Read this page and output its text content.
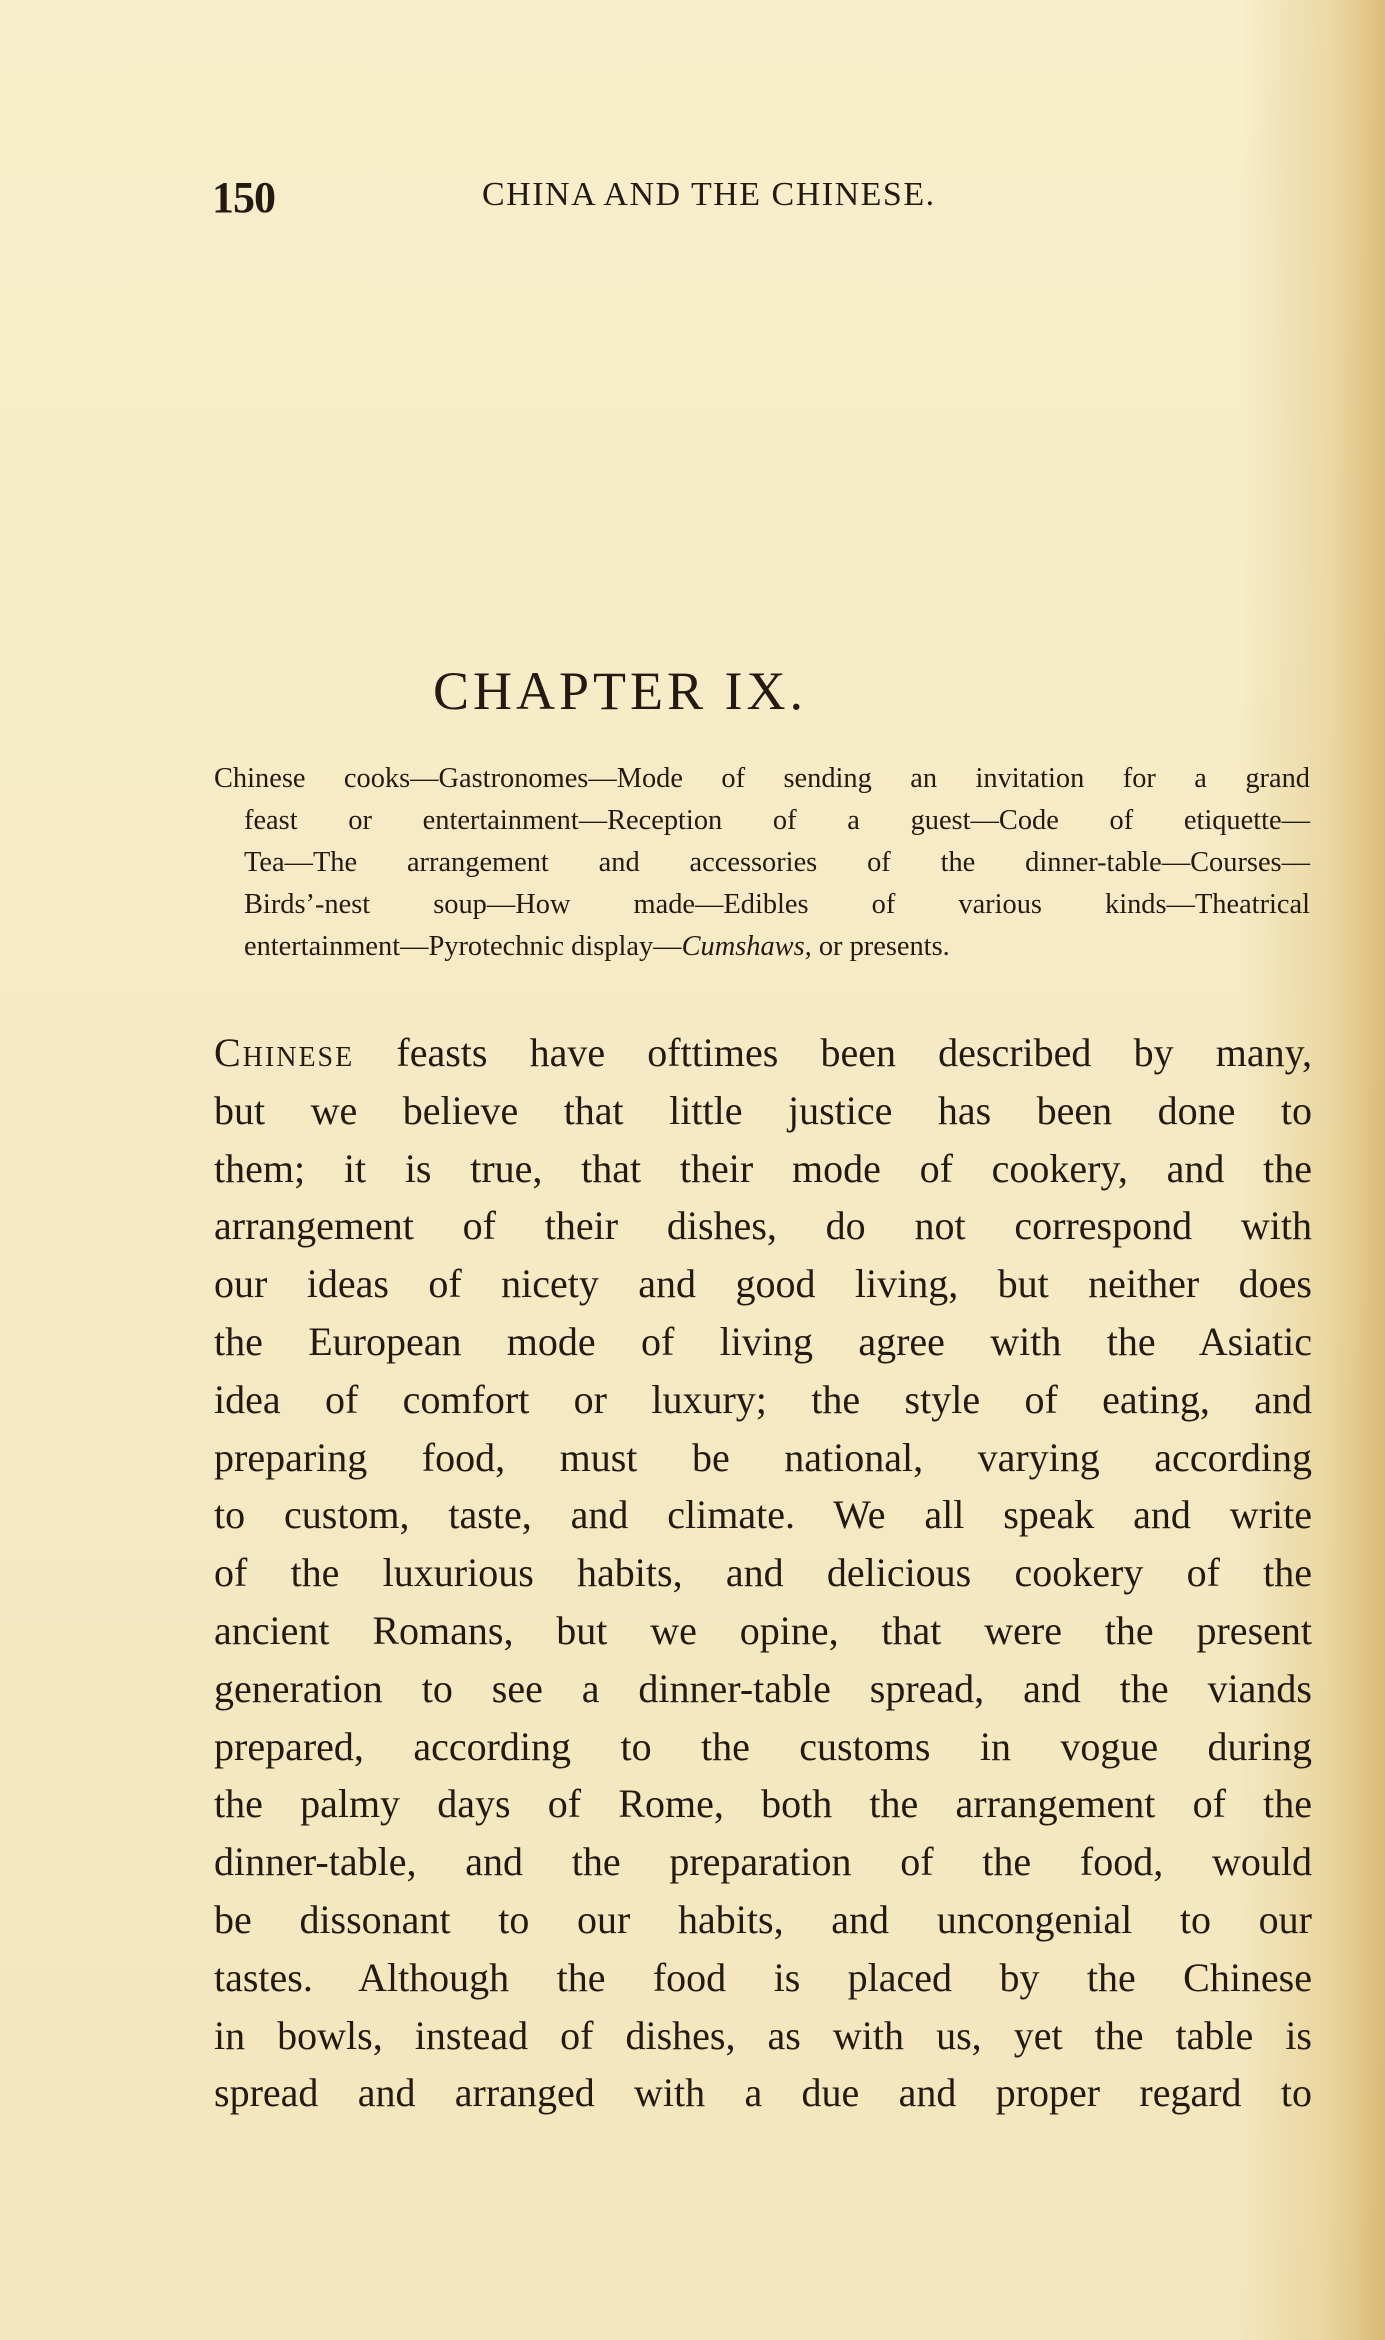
150	CHINA AND THE CHINESE.
CHAPTER IX.
Chinese cooks—Gastronomes—Mode of sending an invitation for a grand
feast or entertainment—Reception of a guest—Code of etiquette—
Tea—The arrangement and accessories of the dinner-table—Courses—
Birds’-nest soup—How made—Edibles of various kinds—Theatrical
entertainment—Pyrotechnic display—Cumshaws, or presents.
Chinese feasts have ofttimes been described by many,
but we believe that little justice has been done to
them; it is true, that their mode of cookery, and the
arrangement of their dishes, do not correspond with
our ideas of nicety and good living, but neither does
the European mode of living agree with the Asiatic
idea of comfort or luxury; the style of eating, and
preparing food, must be national, varying according
to custom, taste, and climate. We all speak and write
of the luxurious habits, and delicious cookery of the
ancient Romans, but we opine, that were the present
generation to see a dinner-table spread, and the viands
prepared, according to the customs in vogue during
the palmy days of Rome, both the arrangement of the
dinner-table, and the preparation of the food, would
be dissonant to our habits, and uncongenial to our
tastes. Although the food is placed by the Chinese
in bowls, instead of dishes, as with us, yet the table is
spread and arranged with a due and proper regard to
